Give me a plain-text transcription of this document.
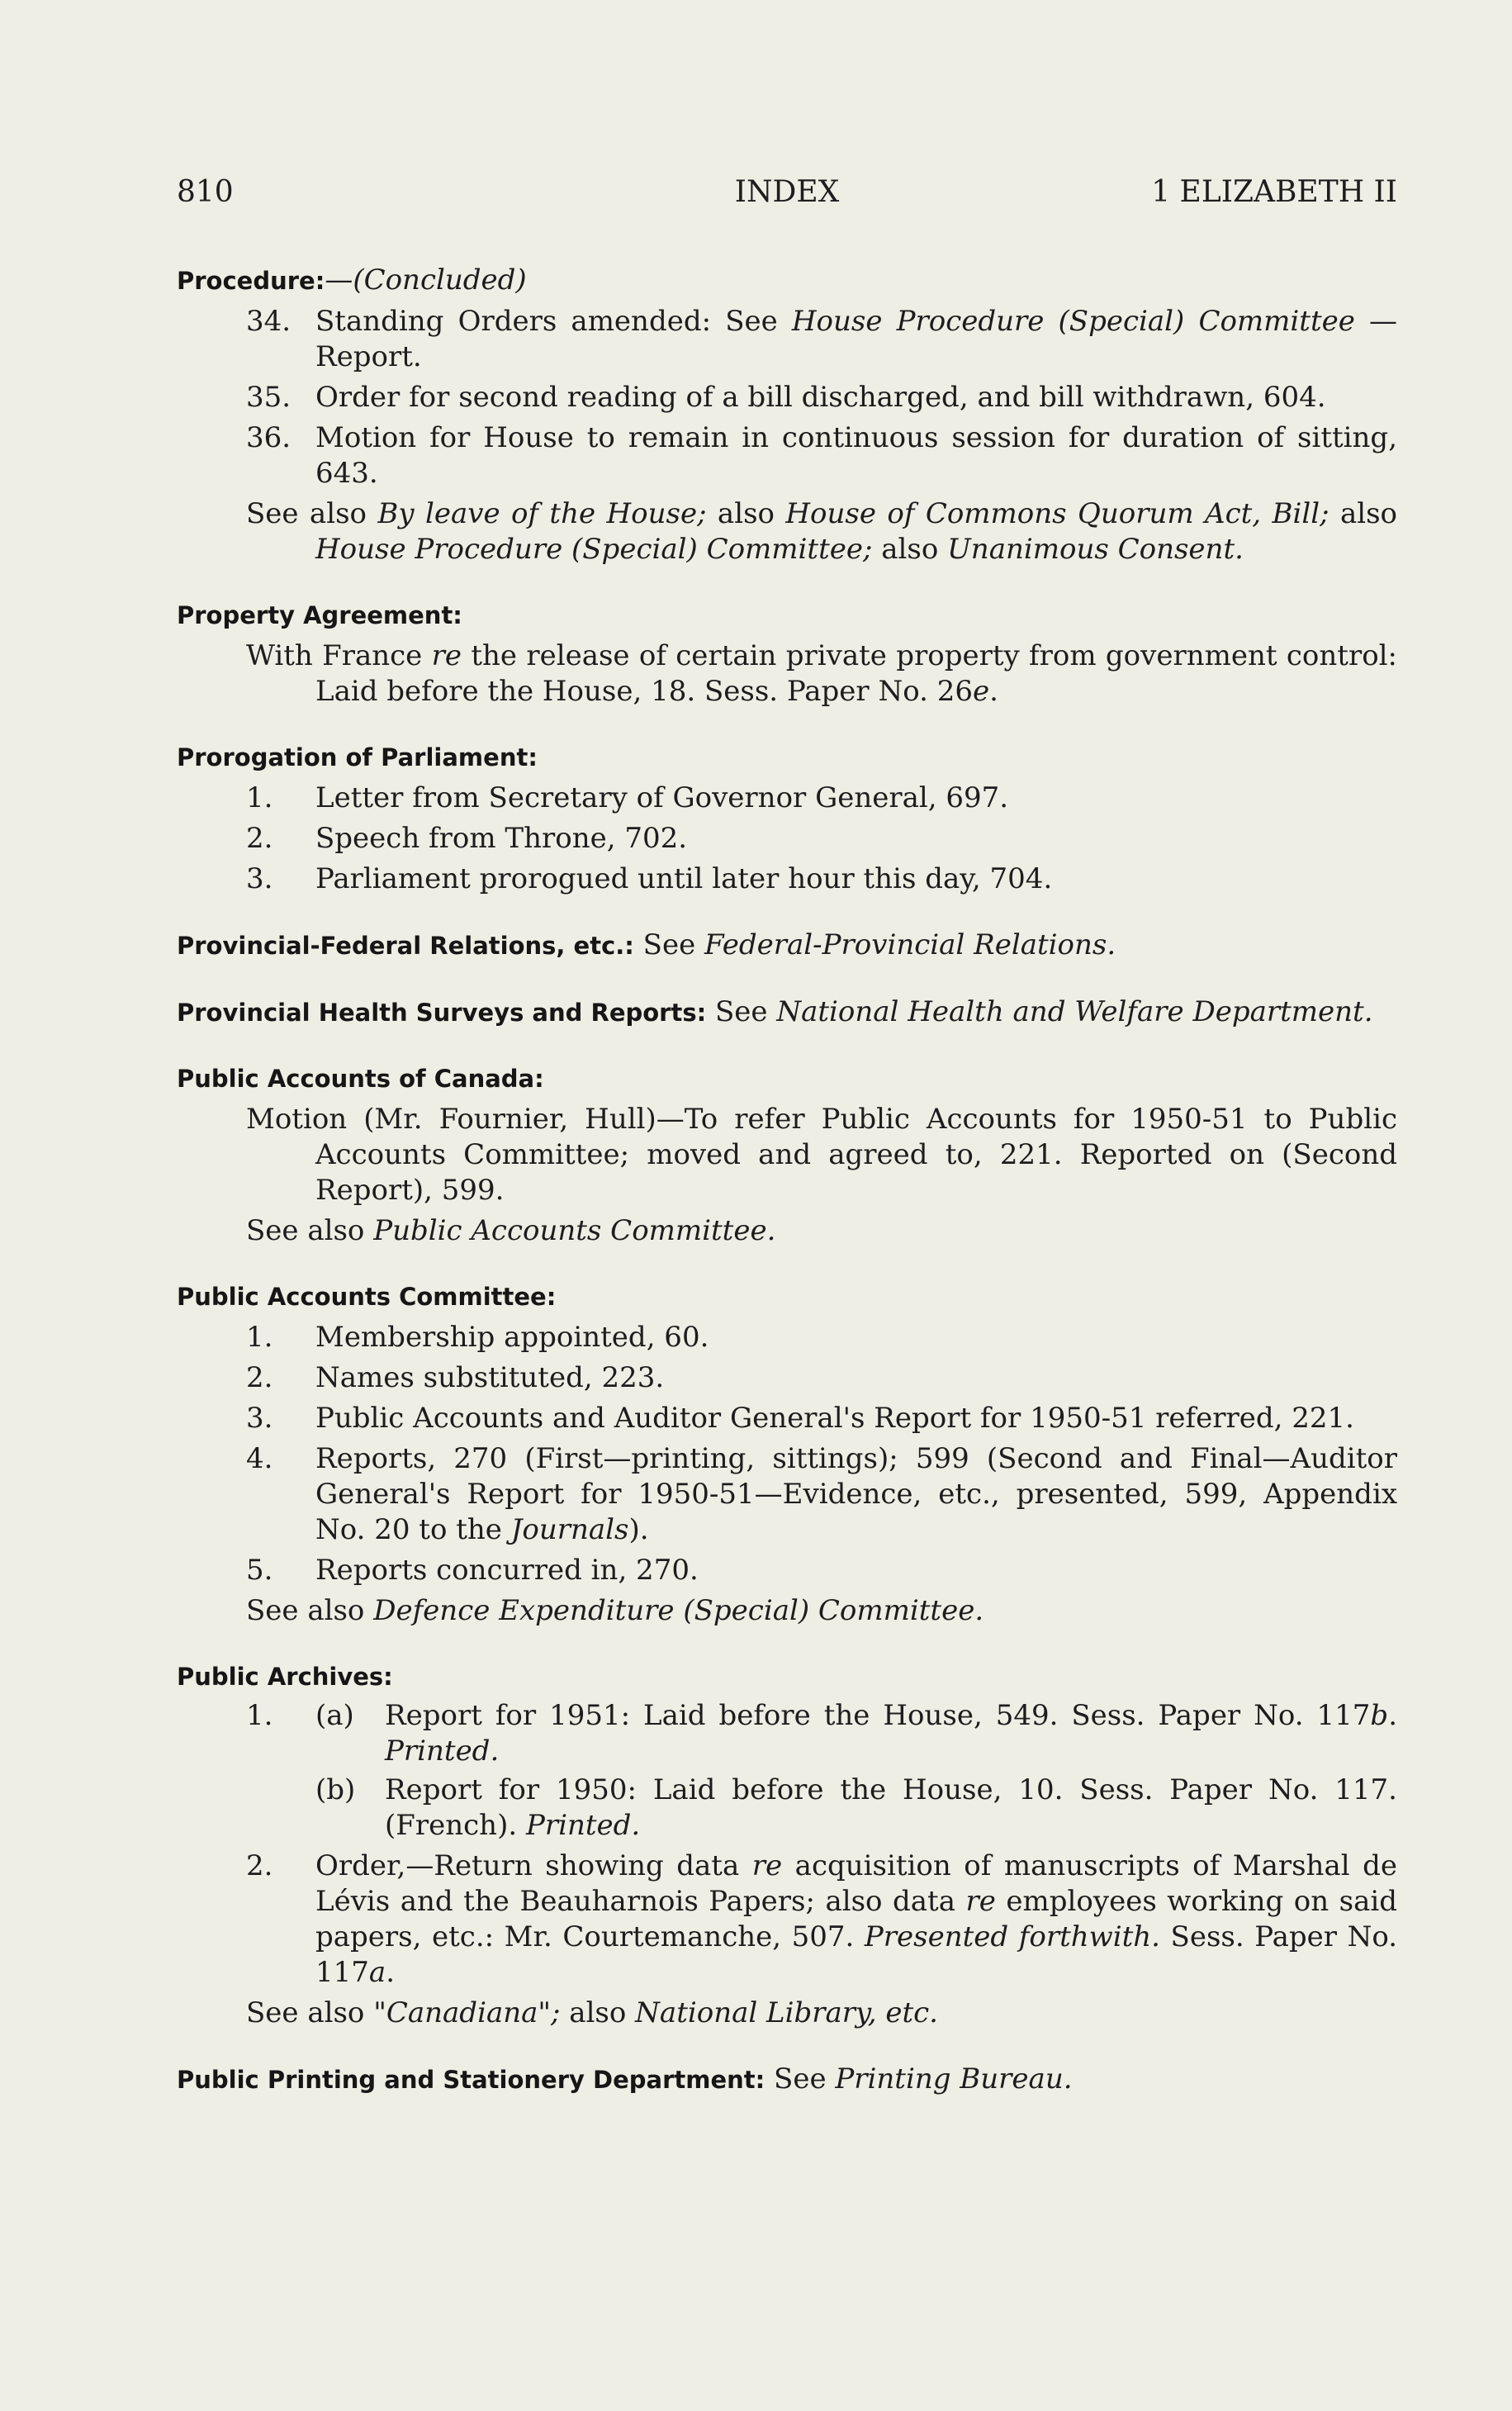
810	INDEX	1 ELIZABETH II
Procedure:—(Concluded)
34. Standing Orders amended: See House Procedure (Special) Committee —Report.
35. Order for second reading of a bill discharged, and bill withdrawn, 604.
36. Motion for House to remain in continuous session for duration of sitting, 643.
See also By leave of the House; also House of Commons Quorum Act, Bill; also House Procedure (Special) Committee; also Unanimous Consent.
Property Agreement:
With France re the release of certain private property from government control: Laid before the House, 18. Sess. Paper No. 26e.
Prorogation of Parliament:
1.	Letter from Secretary of Governor General, 697.
2.	Speech from Throne, 702.
3.	Parliament prorogued until later hour this day, 704.
Provincial-Federal Relations, etc.: See Federal-Provincial Relations.
Provincial Health Surveys and Reports: See National Health and Welfare Department.
Public Accounts of Canada:
Motion (Mr. Fournier, Hull)—To refer Public Accounts for 1950-51 to Public Accounts Committee; moved and agreed to, 221. Reported on (Second Report), 599.
See also Public Accounts Committee.
Public Accounts Committee:
1.	Membership appointed, 60.
2.	Names substituted, 223.
3.	Public Accounts and Auditor General's Report for 1950-51 referred, 221.
4.	Reports, 270 (First—printing, sittings); 599 (Second and Final—Auditor General's Report for 1950-51—Evidence, etc., presented, 599, Appendix No. 20 to the Journals).
5.	Reports concurred in, 270.
See also Defence Expenditure (Special) Committee.
Public Archives:
1. (a) Report for 1951: Laid before the House, 549. Sess. Paper No. 117b. Printed.
(b) Report for 1950: Laid before the House, 10. Sess. Paper No. 117. (French). Printed.
2.	Order,—Return showing data re acquisition of manuscripts of Marshal de Lévis and the Beauharnois Papers; also data re employees working on said papers, etc.: Mr. Courtemanche, 507. Presented forthwith. Sess. Paper No. 117a.
See also "Canadiana"; also National Library, etc.
Public Printing and Stationery Department: See Printing Bureau.
